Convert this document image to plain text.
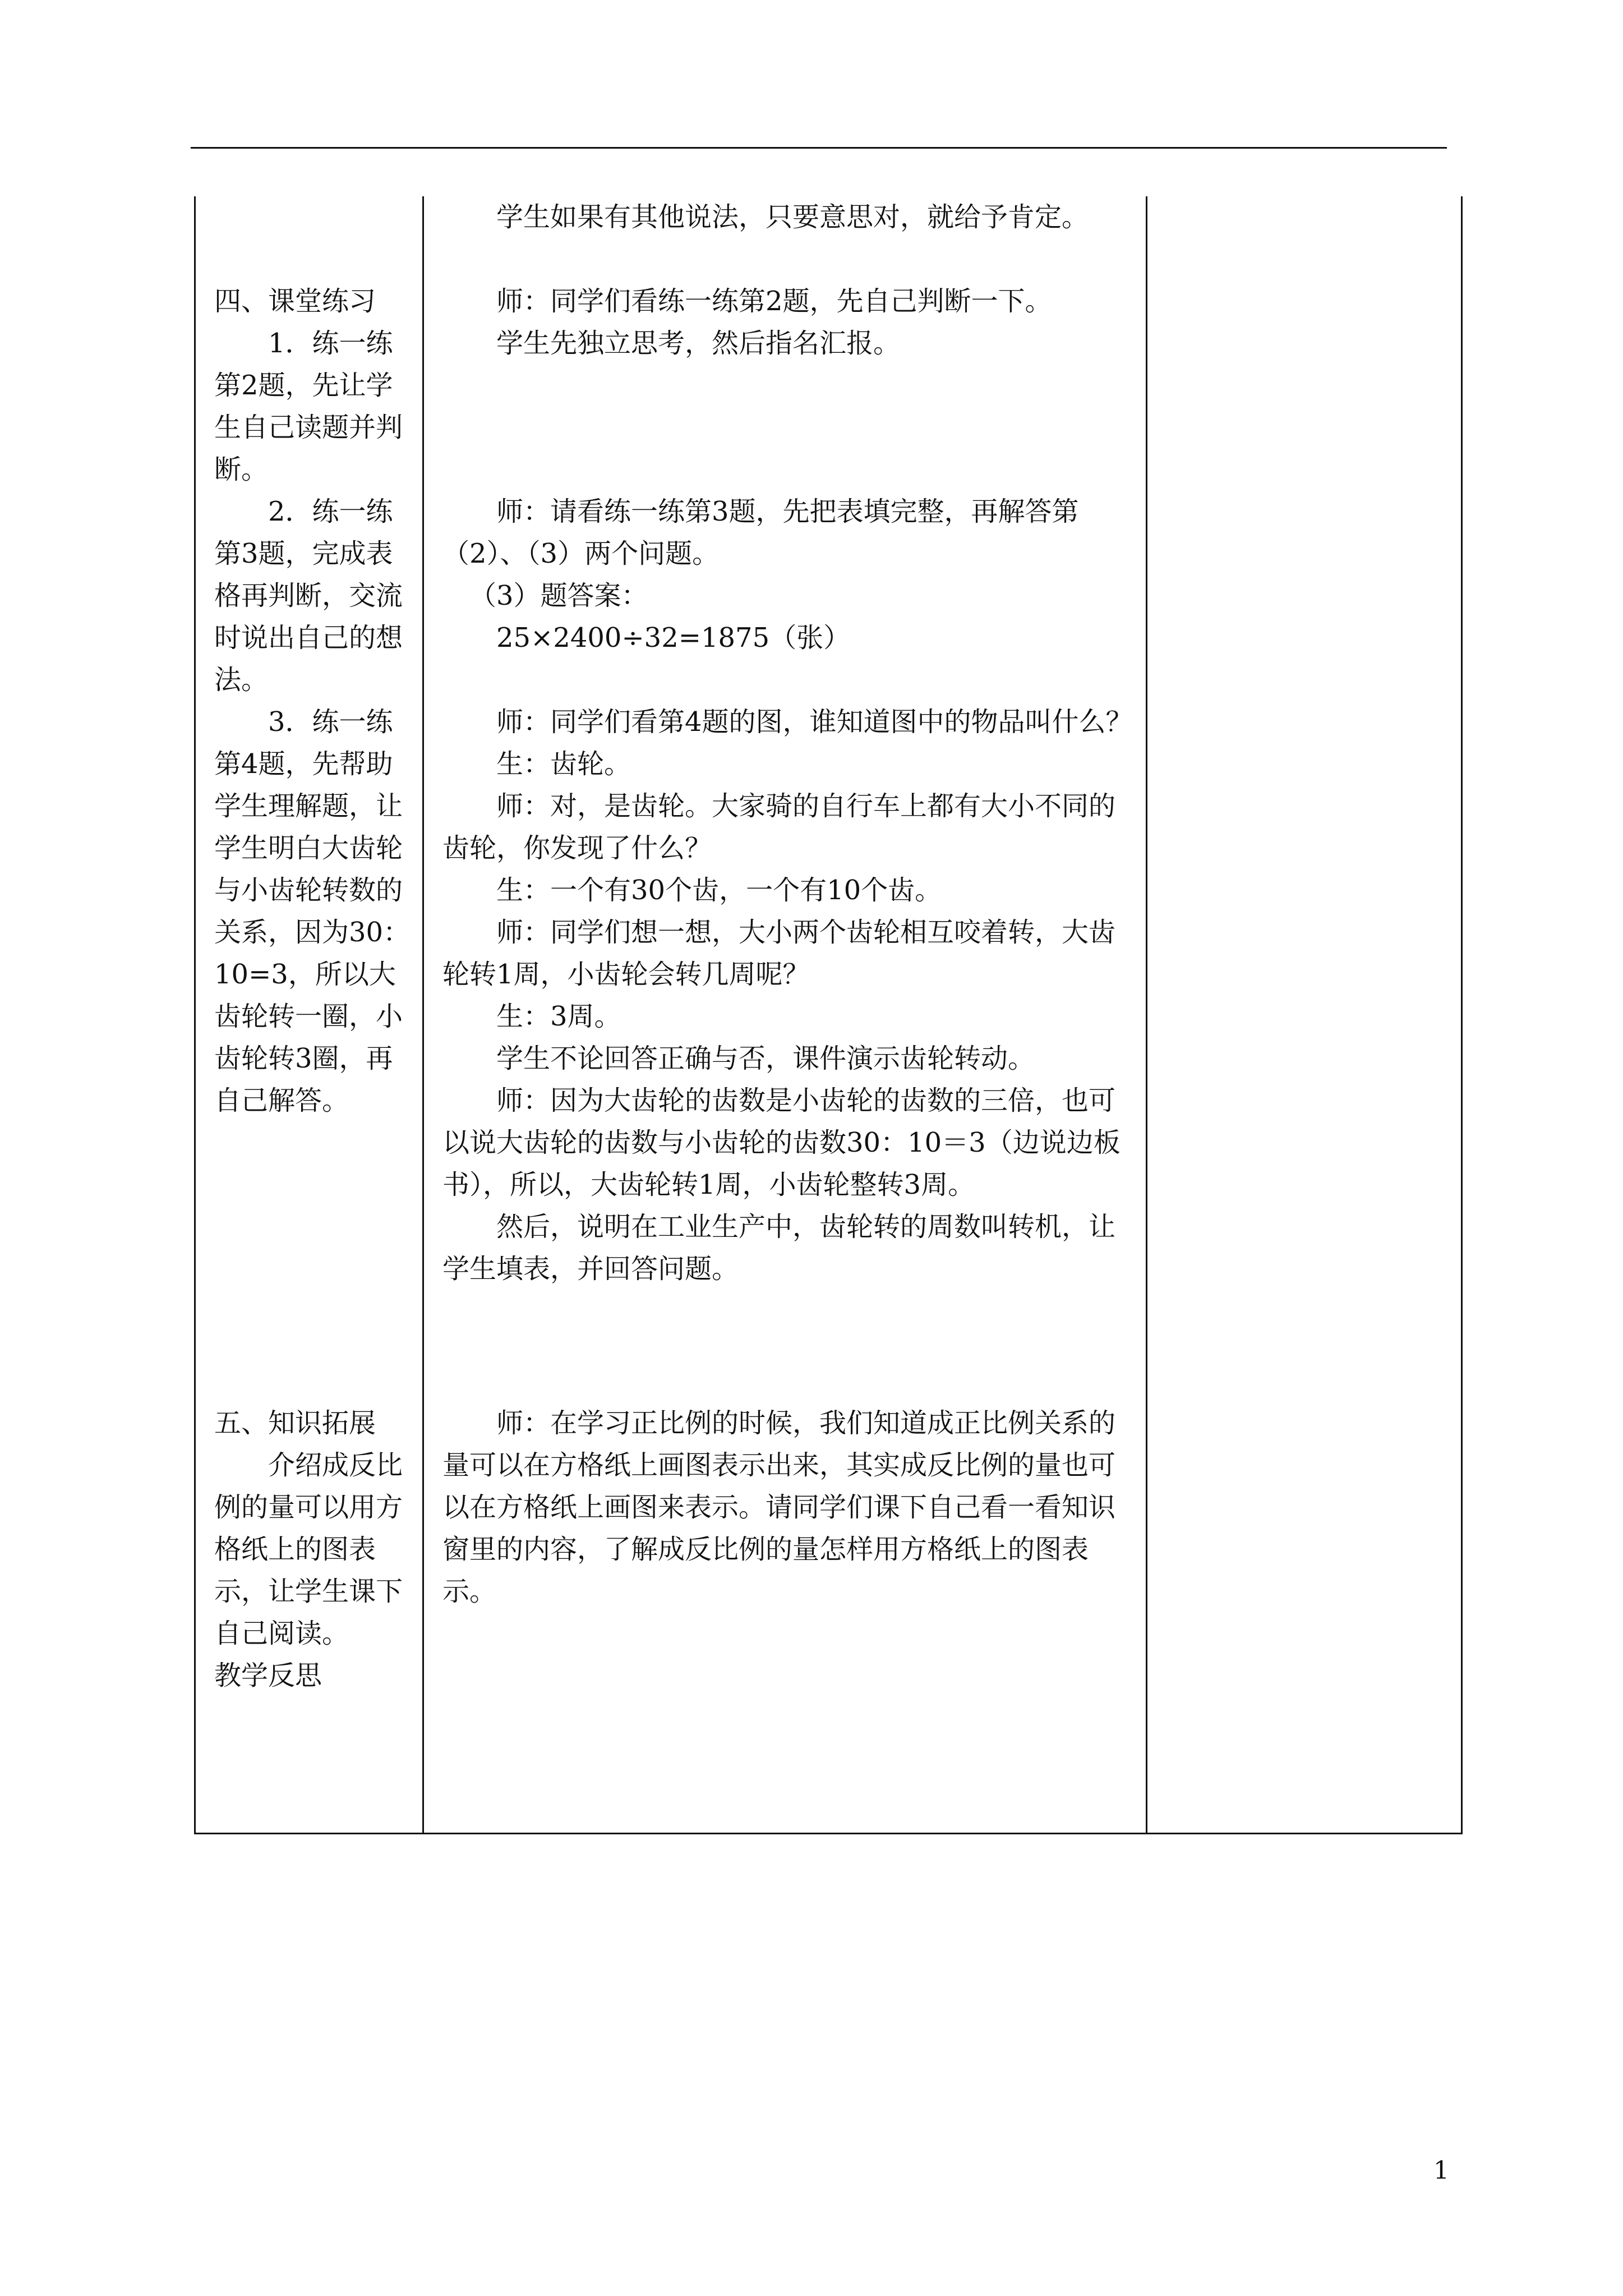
四、课堂练习

1．练一练第2题，先让学生自己读题并判断。

2．练一练第3题，完成表格再判断，交流时说出自己的想法。

3．练一练第4题，先帮助学生理解题，让学生明白大齿轮与小齿轮转数的关系，因为30：10=3，所以大齿轮转一圈，小齿轮转3圈，再自己解答。

五、知识拓展

介绍成反比例的量可以用方格纸上的图表示，让学生课下自己阅读。

教学反思

学生如果有其他说法，只要意思对，就给予肯定。

师：同学们看练一练第2题，先自己判断一下。

学生先独立思考，然后指名汇报。

师：请看练一练第3题，先把表填完整，再解答第（2）、（3）两个问题。

（3）题答案：

25×2400÷32=1875（张）

师：同学们看第4题的图，谁知道图中的物品叫什么？

生：齿轮。

师：对，是齿轮。大家骑的自行车上都有大小不同的齿轮，你发现了什么？

生：一个有30个齿，一个有10个齿。

师：同学们想一想，大小两个齿轮相互咬着转，大齿轮转1周，小齿轮会转几周呢？

生：3周。

学生不论回答正确与否，课件演示齿轮转动。

师：因为大齿轮的齿数是小齿轮的齿数的三倍，也可以说大齿轮的齿数与小齿轮的齿数30：10＝3（边说边板书），所以，大齿轮转1周，小齿轮整转3周。

然后，说明在工业生产中，齿轮转的周数叫转机，让学生填表，并回答问题。

师：在学习正比例的时候，我们知道成正比例关系的量可以在方格纸上画图表示出来，其实成反比例的量也可以在方格纸上画图来表示。请同学们课下自己看一看知识窗里的内容，了解成反比例的量怎样用方格纸上的图表示。

1
